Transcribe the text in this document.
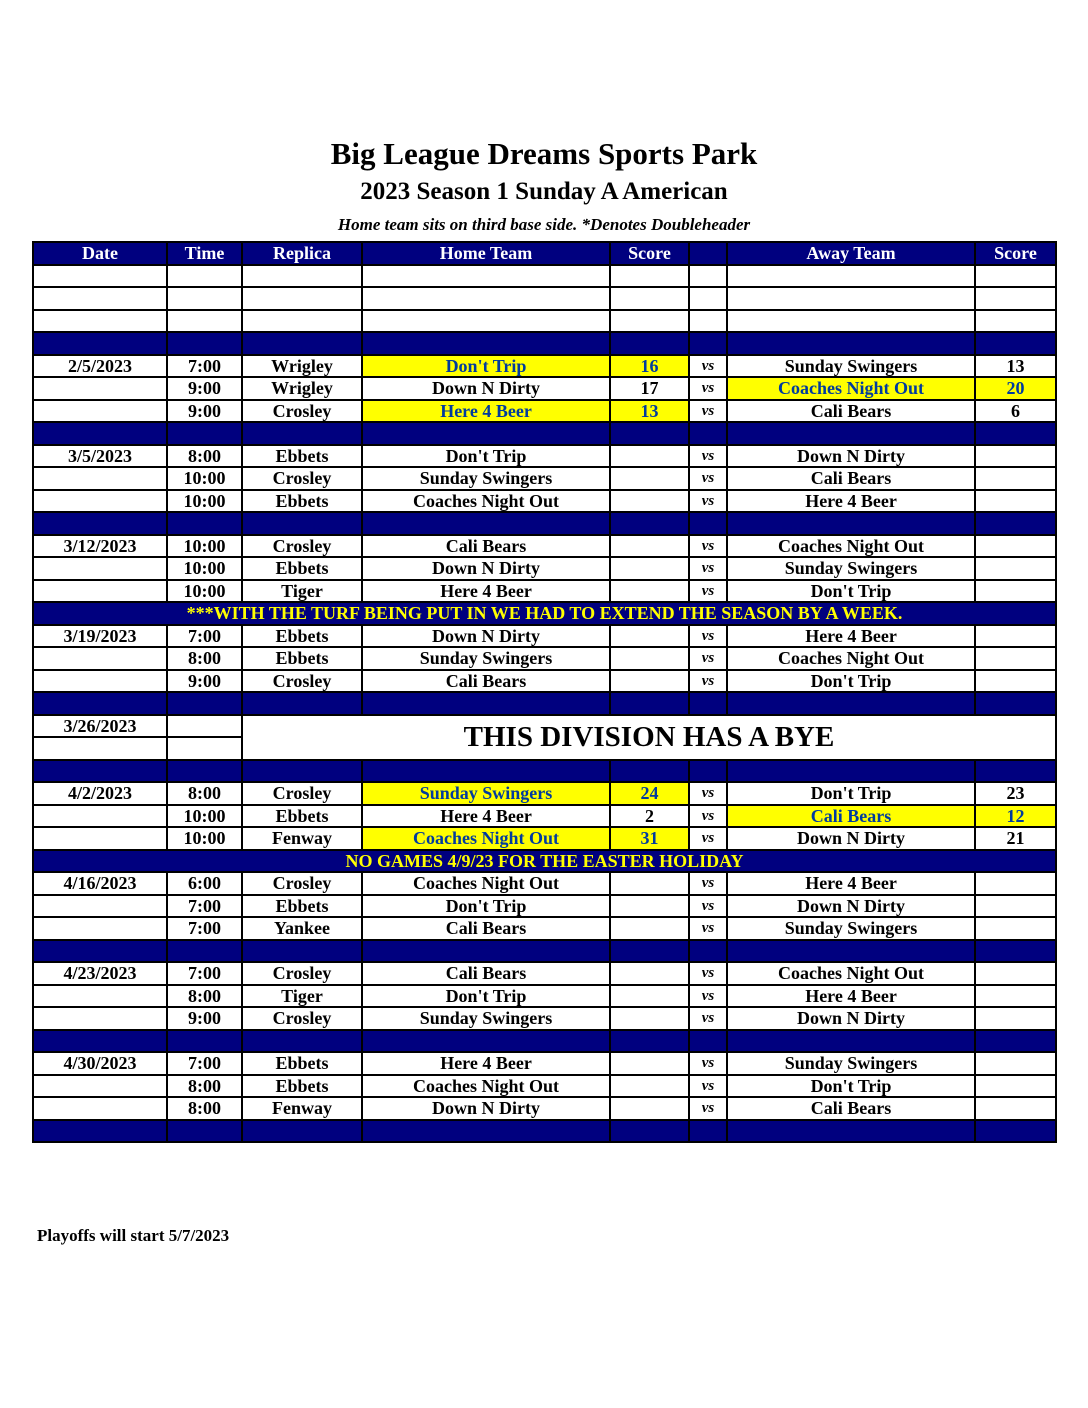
Big League Dreams Sports Park
2023 Season 1 Sunday A American
Home team sits on third base side. *Denotes Doubleheader
Date	Time	Replica	Home Team	Score		Away Team	Score

2/5/2023	7:00	Wrigley	Don't Trip	16	vs	Sunday Swingers	13
	9:00	Wrigley	Down N Dirty	17	vs	Coaches Night Out	20
	9:00	Crosley	Here 4 Beer	13	vs	Cali Bears	6

3/5/2023	8:00	Ebbets	Don't Trip		vs	Down N Dirty	
	10:00	Crosley	Sunday Swingers		vs	Cali Bears	
	10:00	Ebbets	Coaches Night Out		vs	Here 4 Beer	

3/12/2023	10:00	Crosley	Cali Bears		vs	Coaches Night Out	
	10:00	Ebbets	Down N Dirty		vs	Sunday Swingers	
	10:00	Tiger	Here 4 Beer		vs	Don't Trip	
***WITH THE TURF BEING PUT IN WE HAD TO EXTEND THE SEASON BY A WEEK.							
3/19/2023	7:00	Ebbets	Down N Dirty		vs	Here 4 Beer	
	8:00	Ebbets	Sunday Swingers		vs	Coaches Night Out	
	9:00	Crosley	Cali Bears		vs	Don't Trip	

3/26/2023		THIS DIVISION HAS A BYE					

4/2/2023	8:00	Crosley	Sunday Swingers	24	vs	Don't Trip	23
	10:00	Ebbets	Here 4 Beer	2	vs	Cali Bears	12
	10:00	Fenway	Coaches Night Out	31	vs	Down N Dirty	21
NO GAMES 4/9/23 FOR THE EASTER HOLIDAY							
4/16/2023	6:00	Crosley	Coaches Night Out		vs	Here 4 Beer	
	7:00	Ebbets	Don't Trip		vs	Down N Dirty	
	7:00	Yankee	Cali Bears		vs	Sunday Swingers	

4/23/2023	7:00	Crosley	Cali Bears		vs	Coaches Night Out	
	8:00	Tiger	Don't Trip		vs	Here 4 Beer	
	9:00	Crosley	Sunday Swingers		vs	Down N Dirty	

4/30/2023	7:00	Ebbets	Here 4 Beer		vs	Sunday Swingers	
	8:00	Ebbets	Coaches Night Out		vs	Don't Trip	
	8:00	Fenway	Down N Dirty		vs	Cali Bears	

Playoffs will start 5/7/2023
